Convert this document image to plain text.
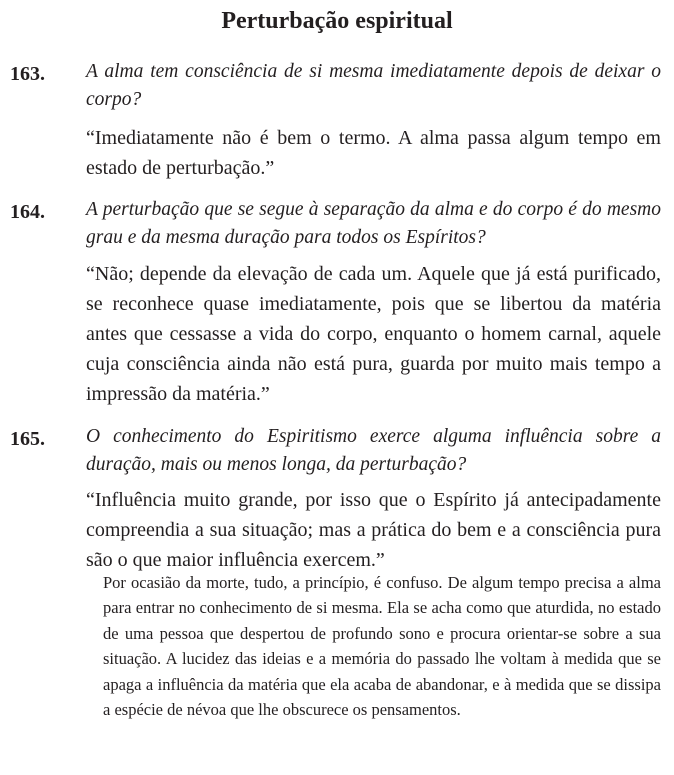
Perturbação espiritual
163. A alma tem consciência de si mesma imediatamente depois de deixar o corpo?
“Imediatamente não é bem o termo. A alma passa algum tempo em estado de perturbação.”
164. A perturbação que se segue à separação da alma e do corpo é do mesmo grau e da mesma duração para todos os Espíritos?
“Não; depende da elevação de cada um. Aquele que já está purificado, se reconhece quase imediatamente, pois que se libertou da matéria antes que cessasse a vida do corpo, enquanto o homem carnal, aquele cuja consciência ainda não está pura, guarda por muito mais tempo a impressão da matéria.”
165. O conhecimento do Espiritismo exerce alguma influência sobre a duração, mais ou menos longa, da perturbação?
“Influência muito grande, por isso que o Espírito já antecipadamente compreendia a sua situação; mas a prática do bem e a consciência pura são o que maior influência exercem.”
Por ocasião da morte, tudo, a princípio, é confuso. De algum tempo precisa a alma para entrar no conhecimento de si mesma. Ela se acha como que aturdida, no estado de uma pessoa que despertou de profundo sono e procura orientar-se sobre a sua situação. A lucidez das ideias e a memória do passado lhe voltam à medida que se apaga a influência da matéria que ela acaba de abandonar, e à medida que se dissipa a espécie de névoa que lhe obscurece os pensamentos.
